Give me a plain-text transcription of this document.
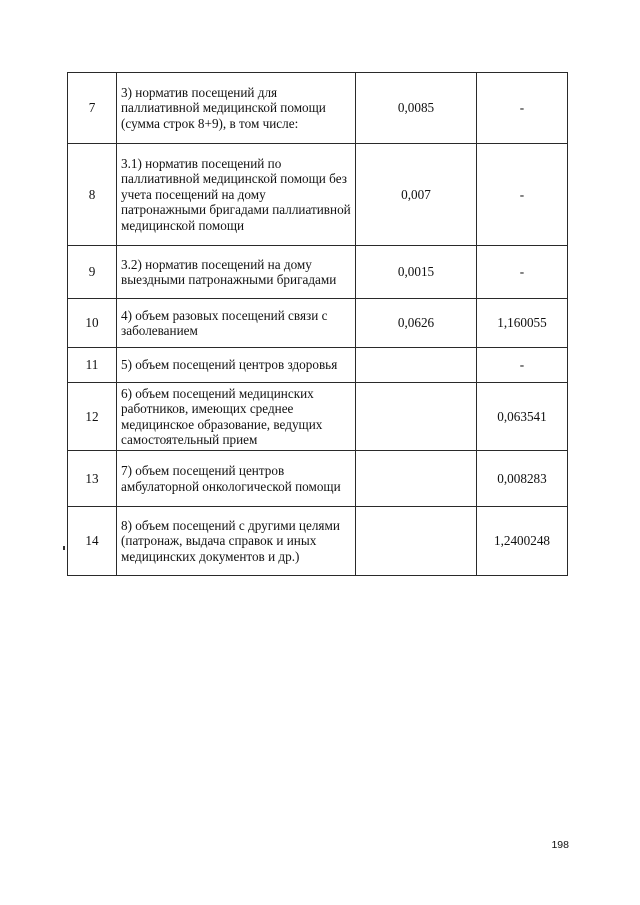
7	3) норматив посещений для паллиативной медицинской помощи (сумма строк 8+9), в том числе:	0,0085	-
8	3.1) норматив посещений по паллиативной медицинской помощи без учета посещений на дому патронажными бригадами паллиативной медицинской помощи	0,007	-
9	3.2) норматив посещений на дому выездными патронажными бригадами	0,0015	-
10	4) объем разовых посещений связи с заболеванием	0,0626	1,160055
11	5) объем посещений центров здоровья		-
12	6) объем посещений медицинских работников, имеющих среднее медицинское образование, ведущих самостоятельный прием		0,063541
13	7) объем посещений центров амбулаторной онкологической помощи		0,008283
14	8) объем посещений с другими целями (патронаж, выдача справок и иных медицинских документов и др.)		1,2400248
198
